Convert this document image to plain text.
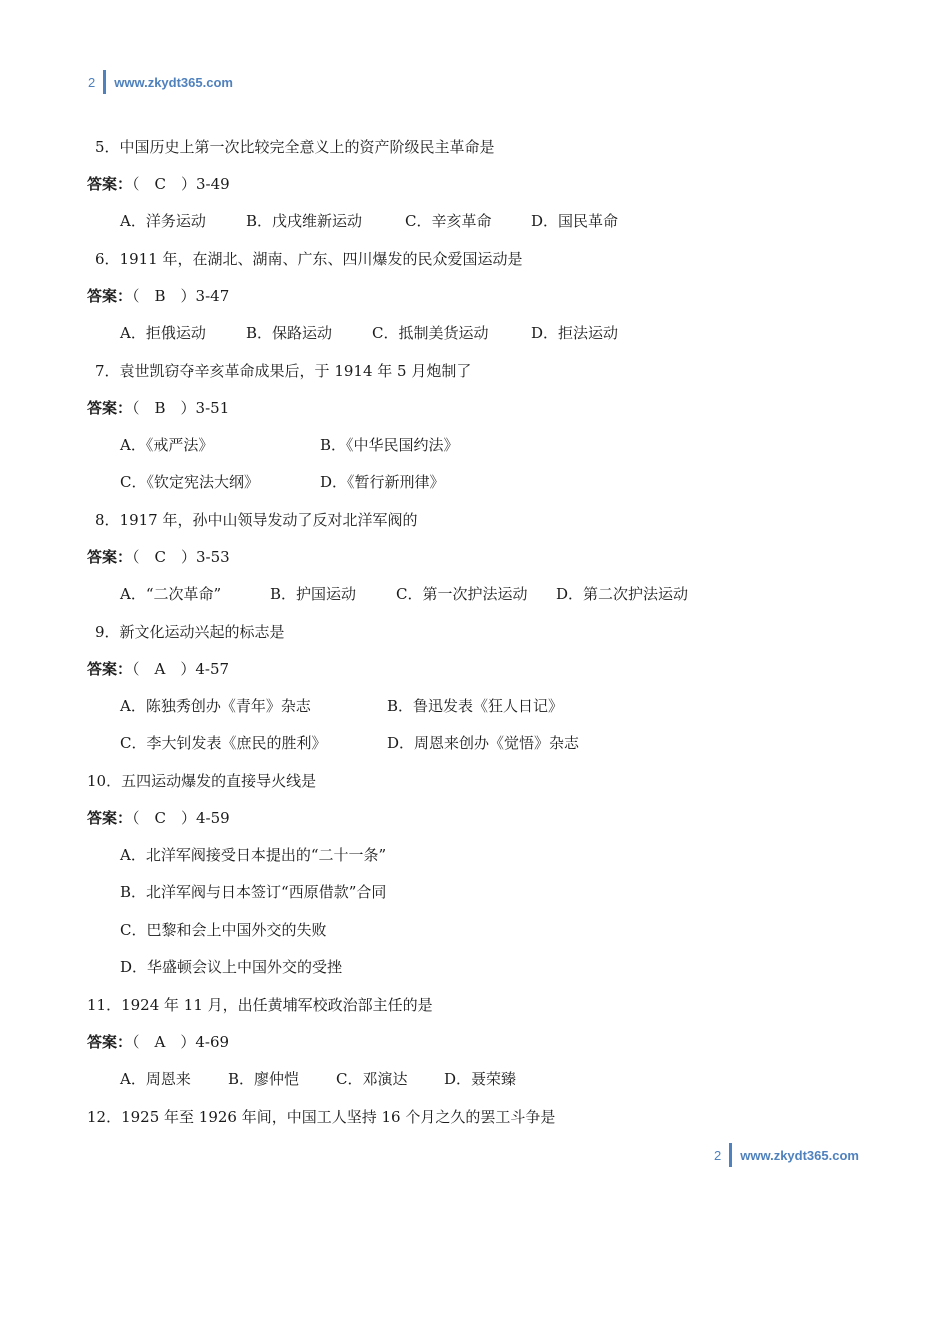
2 www.zkydt365.com
5．中国历史上第一次比较完全意义上的资产阶级民主革命是
答案：（　C　）3-49
A．洋务运动	B．戊戌维新运动	C．辛亥革命	D．国民革命
6．1911 年，在湖北、湖南、广东、四川爆发的民众爱国运动是
答案：（　B　）3-47
A．拒俄运动	B．保路运动	C．抵制美货运动	D．拒法运动
7．袁世凯窃夺辛亥革命成果后，于 1914 年 5 月炮制了
答案：（　B　）3-51
A．《戒严法》	B．《中华民国约法》
C．《钦定宪法大纲》	D．《暂行新刑律》
8．1917 年，孙中山领导发动了反对北洋军阀的
答案：（　C　）3-53
A．“二次革命”	B．护国运动	C．第一次护法运动 D．第二次护法运动
9．新文化运动兴起的标志是
答案：（　A　）4-57
A．陈独秀创办《青年》杂志	B．鲁迅发表《狂人日记》
C．李大钊发表《庶民的胜利》	D．周恩来创办《觉悟》杂志
10．五四运动爆发的直接导火线是
答案：（　C　）4-59
A．北洋军阀接受日本提出的“二十一条”
B．北洋军阀与日本签订“西原借款”合同
C．巴黎和会上中国外交的失败
D．华盛顿会议上中国外交的受挫
11．1924 年 11 月，出任黄埔军校政治部主任的是
答案：（　A　）4-69
A．周恩来 B．廖仲恺 C．邓演达 D．聂荣臻
12．1925 年至 1926 年间，中国工人坚持 16 个月之久的罢工斗争是
2 www.zkydt365.com
